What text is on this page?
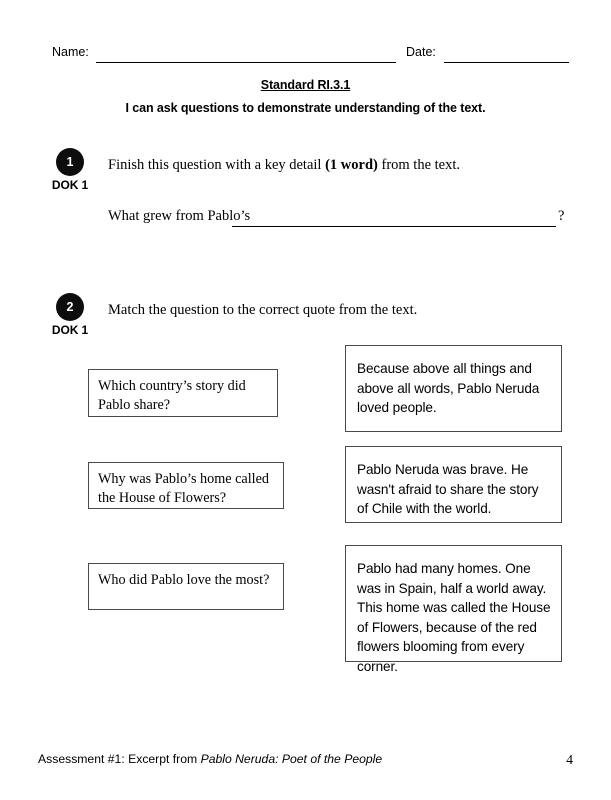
Name:	Date:
Standard RI.3.1
I can ask questions to demonstrate understanding of the text.
1
DOK 1
Finish this question with a key detail (1 word) from the text.
What grew from Pablo’s	?
2
DOK 1
Match the question to the correct quote from the text.
Which country’s story did Pablo share?
Why was Pablo’s home called the House of Flowers?
Who did Pablo love the most?
Because above all things and above all words, Pablo Neruda loved people.
Pablo Neruda was brave. He wasn't afraid to share the story of Chile with the world.
Pablo had many homes. One was in Spain, half a world away. This home was called the House of Flowers, because of the red flowers blooming from every corner.
Assessment #1: Excerpt from Pablo Neruda: Poet of the People	4
